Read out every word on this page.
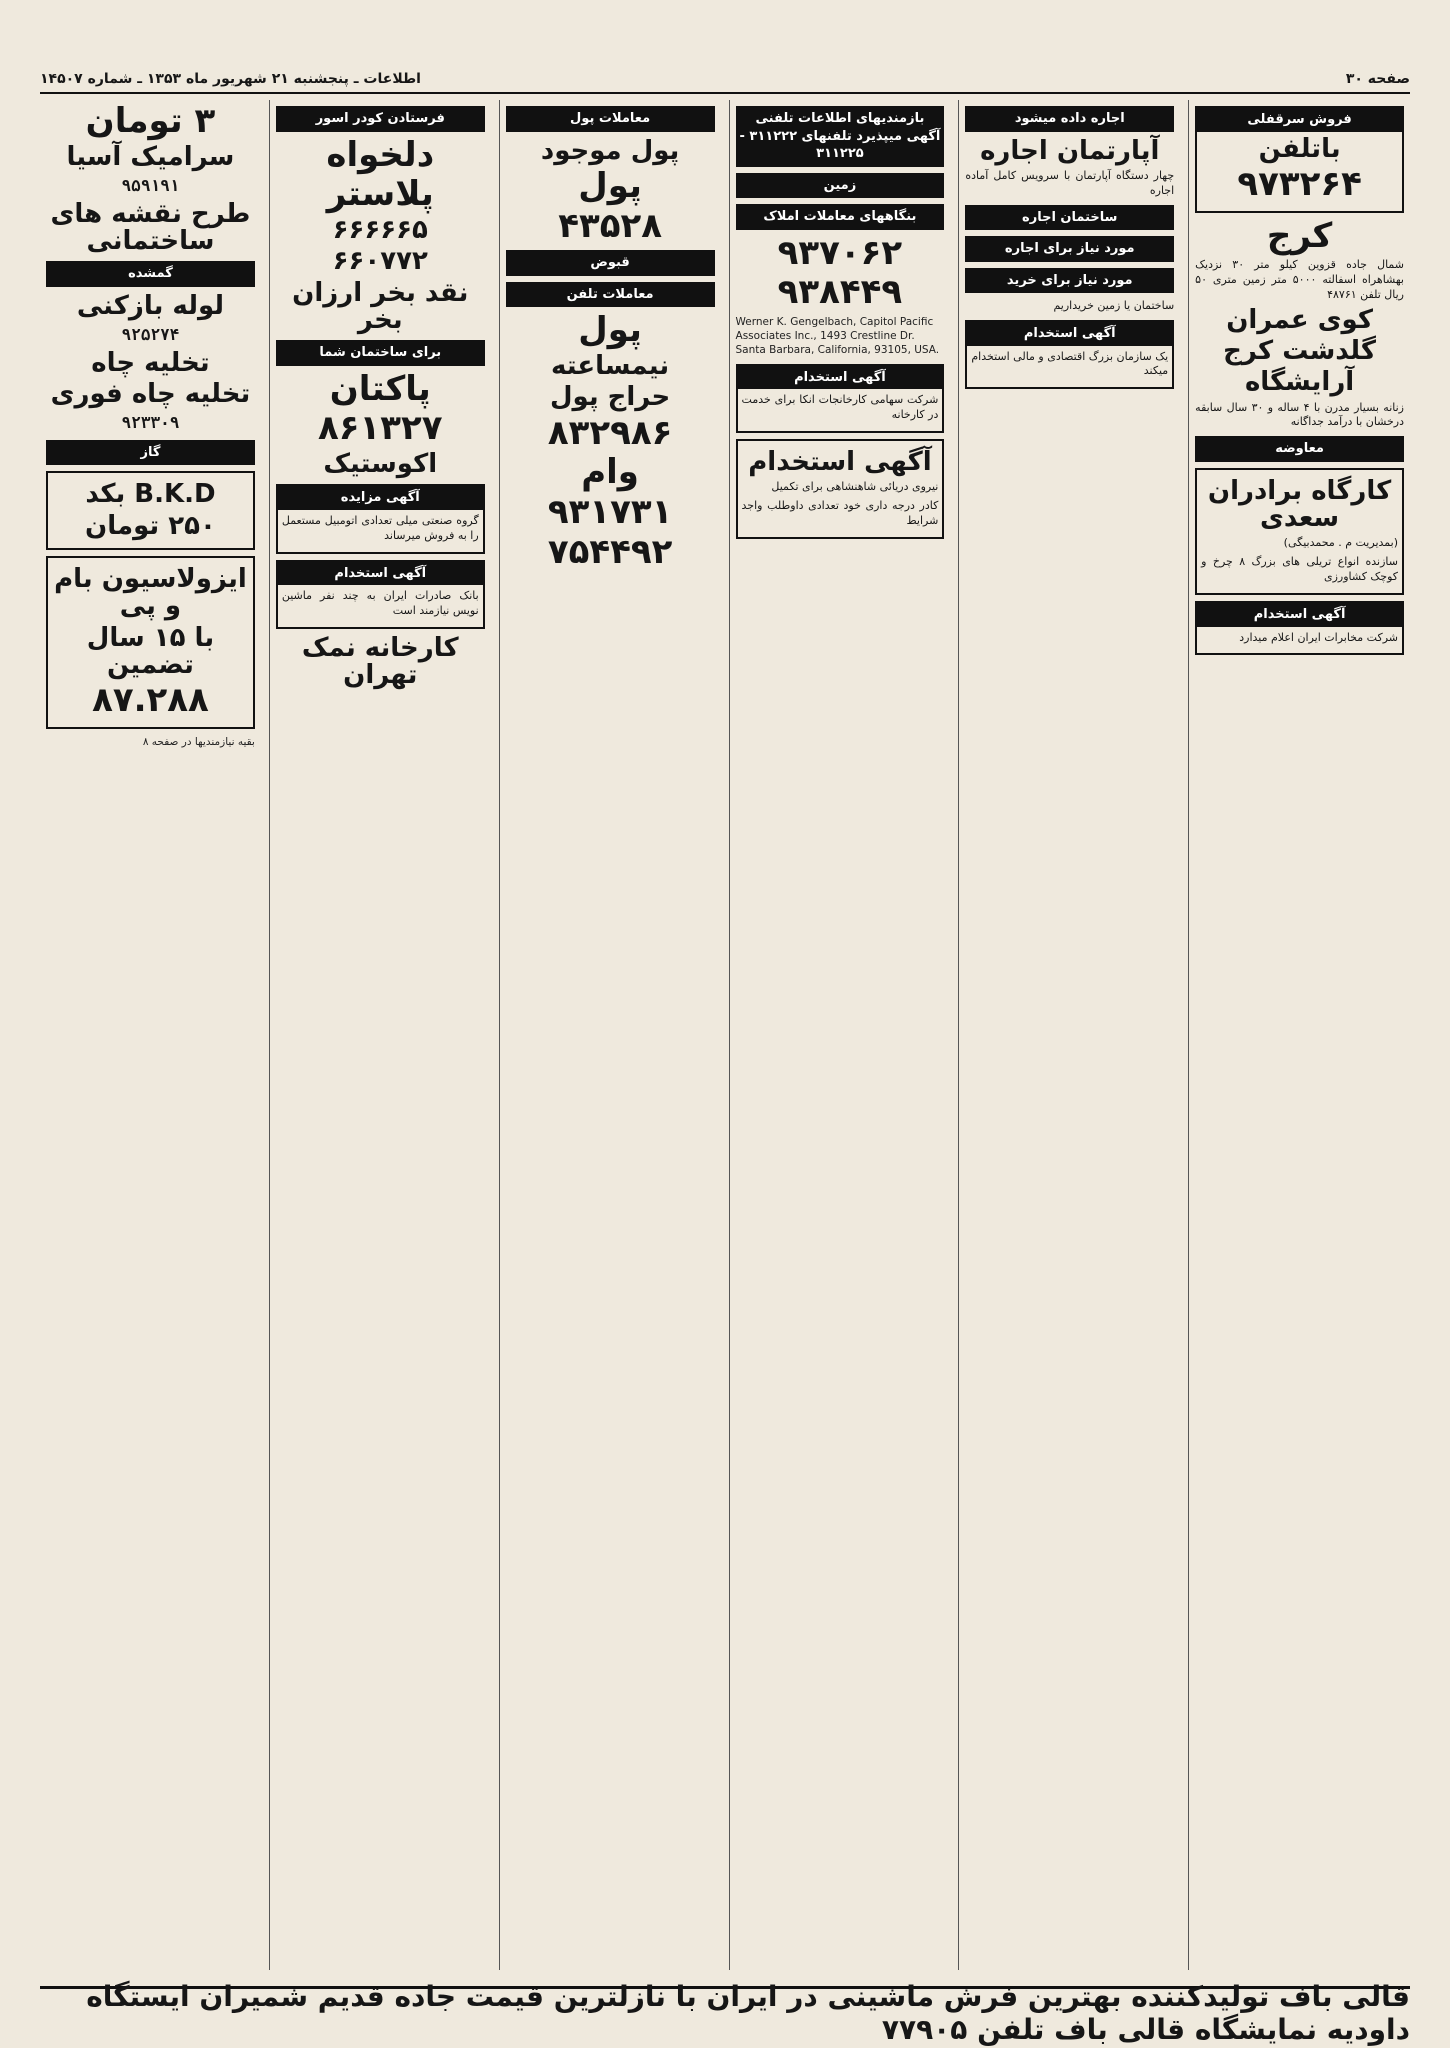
صفحه ۳۰
اطلاعات ـ پنجشنبه ۲۱ شهریور ماه ۱۳۵۳ ـ شماره ۱۴۵۰۷
فروش سرقفلی
باتلفن
۹۷۳۲۶۴
کرج
شمال جاده قزوین کیلو متر ۳۰ نزدیک بهشاهراه اسفالته ۵۰۰۰ متر زمین متری ۵۰ ریال تلفن ۴۸۷۶۱
کوی عمران
گلدشت کرج
آرایشگاه
زنانه بسیار مدرن با ۴ ساله و ۳۰ سال سابقه درخشان با درآمد جداگانه
معاوضه
کارگاه برادران سعدی
(بمدیریت م . محمدبیگی)
سازنده انواع تریلی های بزرگ ۸ چرخ و کوچک کشاورزی
آگهی استخدام
شرکت مخابرات ایران اعلام میدارد
اجاره داده میشود
آپارتمان اجاره
چهار دستگاه آپارتمان با سرویس کامل آماده اجاره
ساختمان اجاره
مورد نیاز برای اجاره
مورد نیاز برای خرید
ساختمان یا زمین خریداریم
آگهی استخدام
یک سازمان بزرگ اقتصادی و مالی استخدام میکند
بازمندیهای اطلاعات تلفنی آگهی میپذیرد تلفنهای ۳۱۱۲۲۲ - ۳۱۱۲۲۵
زمین
بنگاههای معاملات املاک
۹۳۷۰۶۲
۹۳۸۴۴۹
Werner K. Gengelbach, Capitol Pacific Associates Inc., 1493 Crestline Dr. Santa Barbara, California, 93105, USA.
آگهی استخدام
شرکت سهامی کارخانجات انکا برای خدمت در کارخانه
آگهی استخدام
نیروی دریائی شاهنشاهی برای تکمیل
کادر درجه داری خود تعدادی داوطلب واجد شرایط
معاملات پول
پول موجود
پول
۴۳۵۲۸
قبوض
معاملات تلفن
پول
نیمساعته
حراج پول
۸۳۲۹۸۶
وام
۹۳۱۷۳۱
۷۵۴۴۹۲
فرستادن کودر اسور
دلخواه
پلاستر
۶۶۶۶۶۵
۶۶۰۷۷۲
نقد بخر ارزان بخر
برای ساختمان شما
پاکتان
۸۶۱۳۲۷
اکوستیک
آگهی مزایده
گروه صنعتی میلی تعدادی اتومبیل مستعمل را به فروش میرساند
آگهی استخدام
بانک صادرات ایران به چند نفر ماشین نویس نیازمند است
کارخانه نمک تهران
۳ تومان
سرامیک آسیا
۹۵۹۱۹۱
طرح نقشه های ساختمانی
گمشده
لوله بازکنی
۹۲۵۲۷۴
تخلیه چاه
تخلیه چاه فوری
۹۲۳۳۰۹
گاز
B.K.D بکد
۲۵۰ تومان
ایزولاسیون بام و پی
با ۱۵ سال تضمین
۸۷.۲۸۸
بقیه نیازمندیها در صفحه ۸
قالی باف تولیدکننده بهترین فرش ماشینی در ایران با نازلترین قیمت جاده قدیم شمیران ایستگاه داودیه نمایشگاه قالی باف تلفن ۷۷۹۰۵
